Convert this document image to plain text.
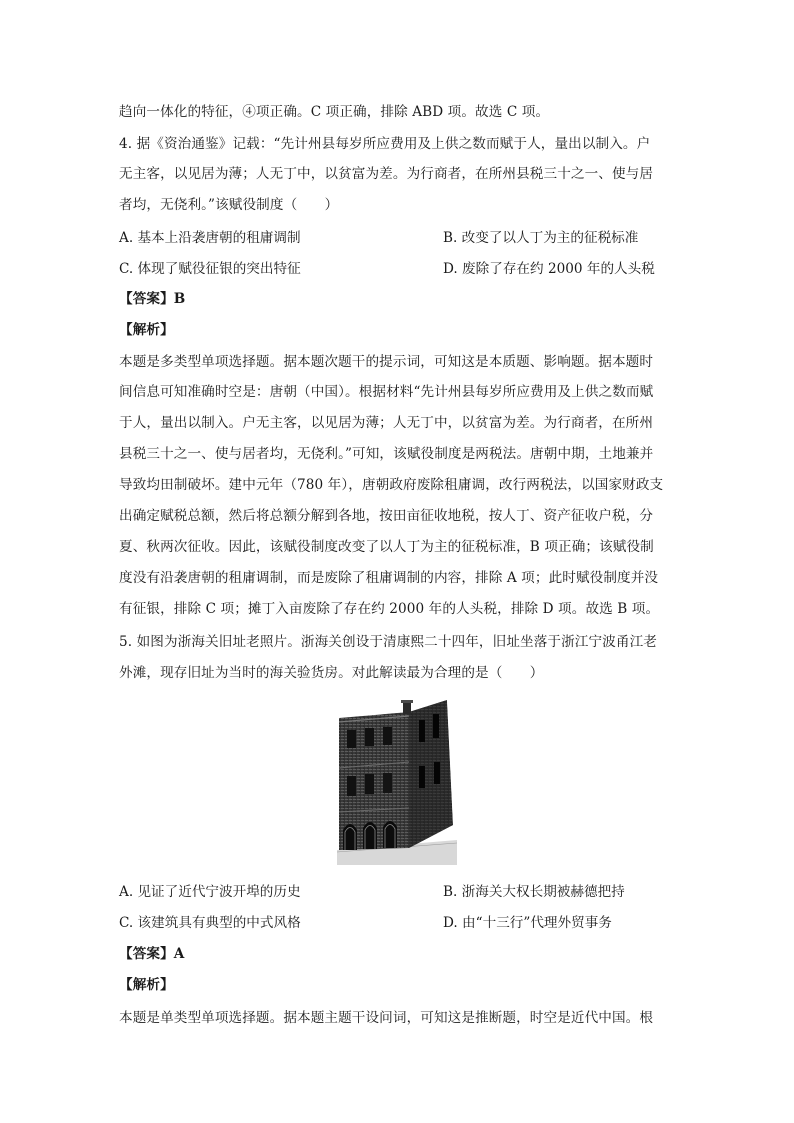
趋向一体化的特征，④项正确。C 项正确，排除 ABD 项。故选 C 项。
4. 据《资治通鉴》记载：“先计州县每岁所应费用及上供之数而赋于人，量出以制入。户
无主客，以见居为薄；人无丁中，以贫富为差。为行商者，在所州县税三十之一、使与居
者均，无侥利。”该赋役制度（　　）
A. 基本上沿袭唐朝的租庸调制	B. 改变了以人丁为主的征税标准
C. 体现了赋役征银的突出特征	D. 废除了存在约 2000 年的人头税
【答案】B
【解析】
本题是多类型单项选择题。据本题次题干的提示词，可知这是本质题、影响题。据本题时
间信息可知准确时空是：唐朝（中国）。根据材料“先计州县每岁所应费用及上供之数而赋
于人，量出以制入。户无主客，以见居为薄；人无丁中，以贫富为差。为行商者，在所州
县税三十之一、使与居者均，无侥利。”可知，该赋役制度是两税法。唐朝中期，土地兼并
导致均田制破坏。建中元年（780 年），唐朝政府废除租庸调，改行两税法，以国家财政支
出确定赋税总额，然后将总额分解到各地，按田亩征收地税，按人丁、资产征收户税，分
夏、秋两次征收。因此，该赋役制度改变了以人丁为主的征税标准，B 项正确；该赋役制
度没有沿袭唐朝的租庸调制，而是废除了租庸调制的内容，排除 A 项；此时赋役制度并没
有征银，排除 C 项；摊丁入亩废除了存在约 2000 年的人头税，排除 D 项。故选 B 项。
5. 如图为浙海关旧址老照片。浙海关创设于清康熙二十四年，旧址坐落于浙江宁波甬江老
外滩，现存旧址为当时的海关验货房。对此解读最为合理的是（　　）
A. 见证了近代宁波开埠的历史	B. 浙海关大权长期被赫德把持
C. 该建筑具有典型的中式风格	D. 由“十三行”代理外贸事务
【答案】A
【解析】
本题是单类型单项选择题。据本题主题干设问词，可知这是推断题，时空是近代中国。根
